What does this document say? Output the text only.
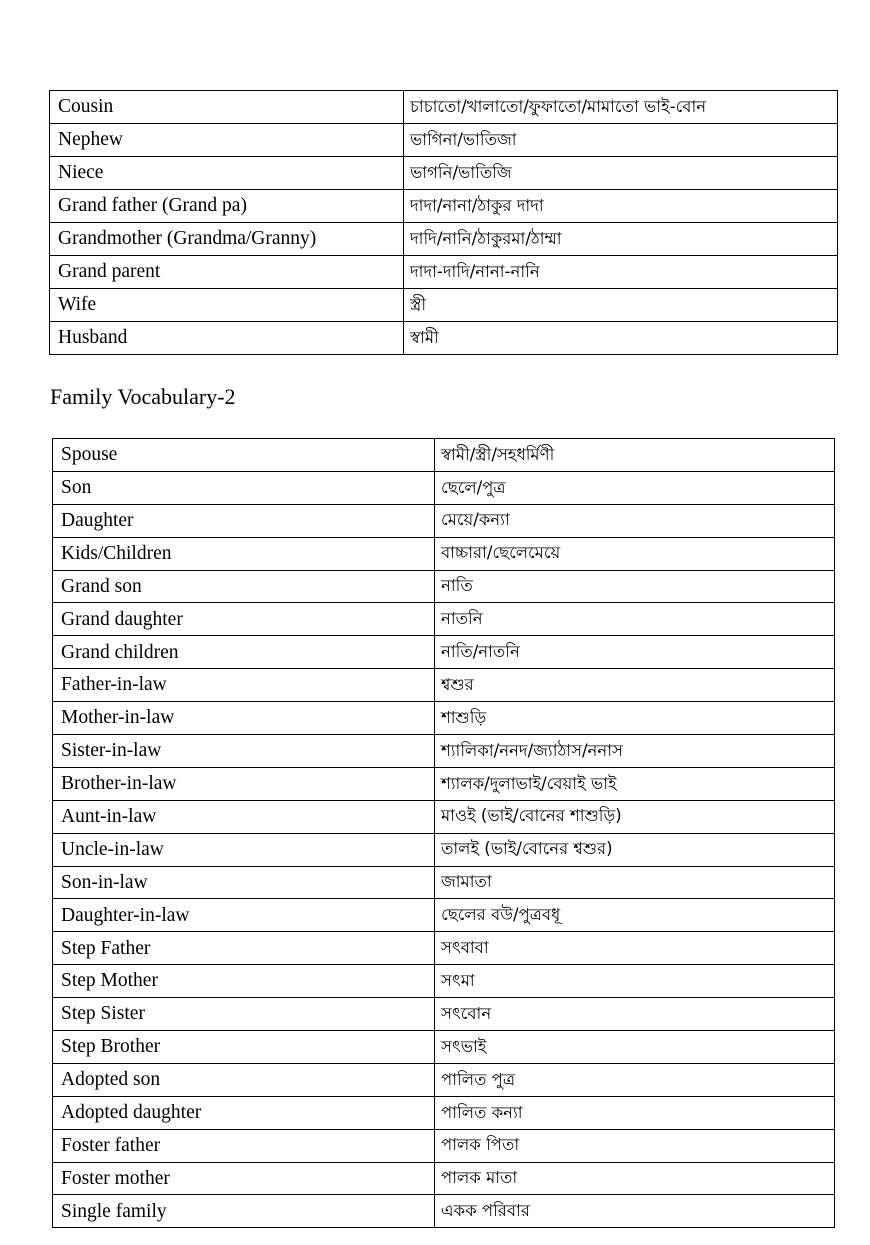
Cousin	চাচাতো/খালাতো/ফুফাতো/মামাতো ভাই-বোন
Nephew	ভাগিনা/ভাতিজা
Niece	ভাগনি/ভাতিজি
Grand father (Grand pa)	দাদা/নানা/ঠাকুর দাদা
Grandmother (Grandma/Granny)	দাদি/নানি/ঠাকুরমা/ঠাম্মা
Grand parent	দাদা-দাদি/নানা-নানি
Wife	স্ত্রী
Husband	স্বামী
Family Vocabulary-2
Spouse	স্বামী/স্ত্রী/সহধর্মিণী
Son	ছেলে/পুত্র
Daughter	মেয়ে/কন্যা
Kids/Children	বাচ্চারা/ছেলেমেয়ে
Grand son	নাতি
Grand daughter	নাতনি
Grand children	নাতি/নাতনি
Father-in-law	শ্বশুর
Mother-in-law	শাশুড়ি
Sister-in-law	শ্যালিকা/ননদ/জ্যাঠাস/ননাস
Brother-in-law	শ্যালক/দুলাভাই/বেয়াই ভাই
Aunt-in-law	মাওই (ভাই/বোনের শাশুড়ি)
Uncle-in-law	তালই (ভাই/বোনের শ্বশুর)
Son-in-law	জামাতা
Daughter-in-law	ছেলের বউ/পুত্রবধূ
Step Father	সৎবাবা
Step Mother	সৎমা
Step Sister	সৎবোন
Step Brother	সৎভাই
Adopted son	পালিত পুত্র
Adopted daughter	পালিত কন্যা
Foster father	পালক পিতা
Foster mother	পালক মাতা
Single family	একক পরিবার
